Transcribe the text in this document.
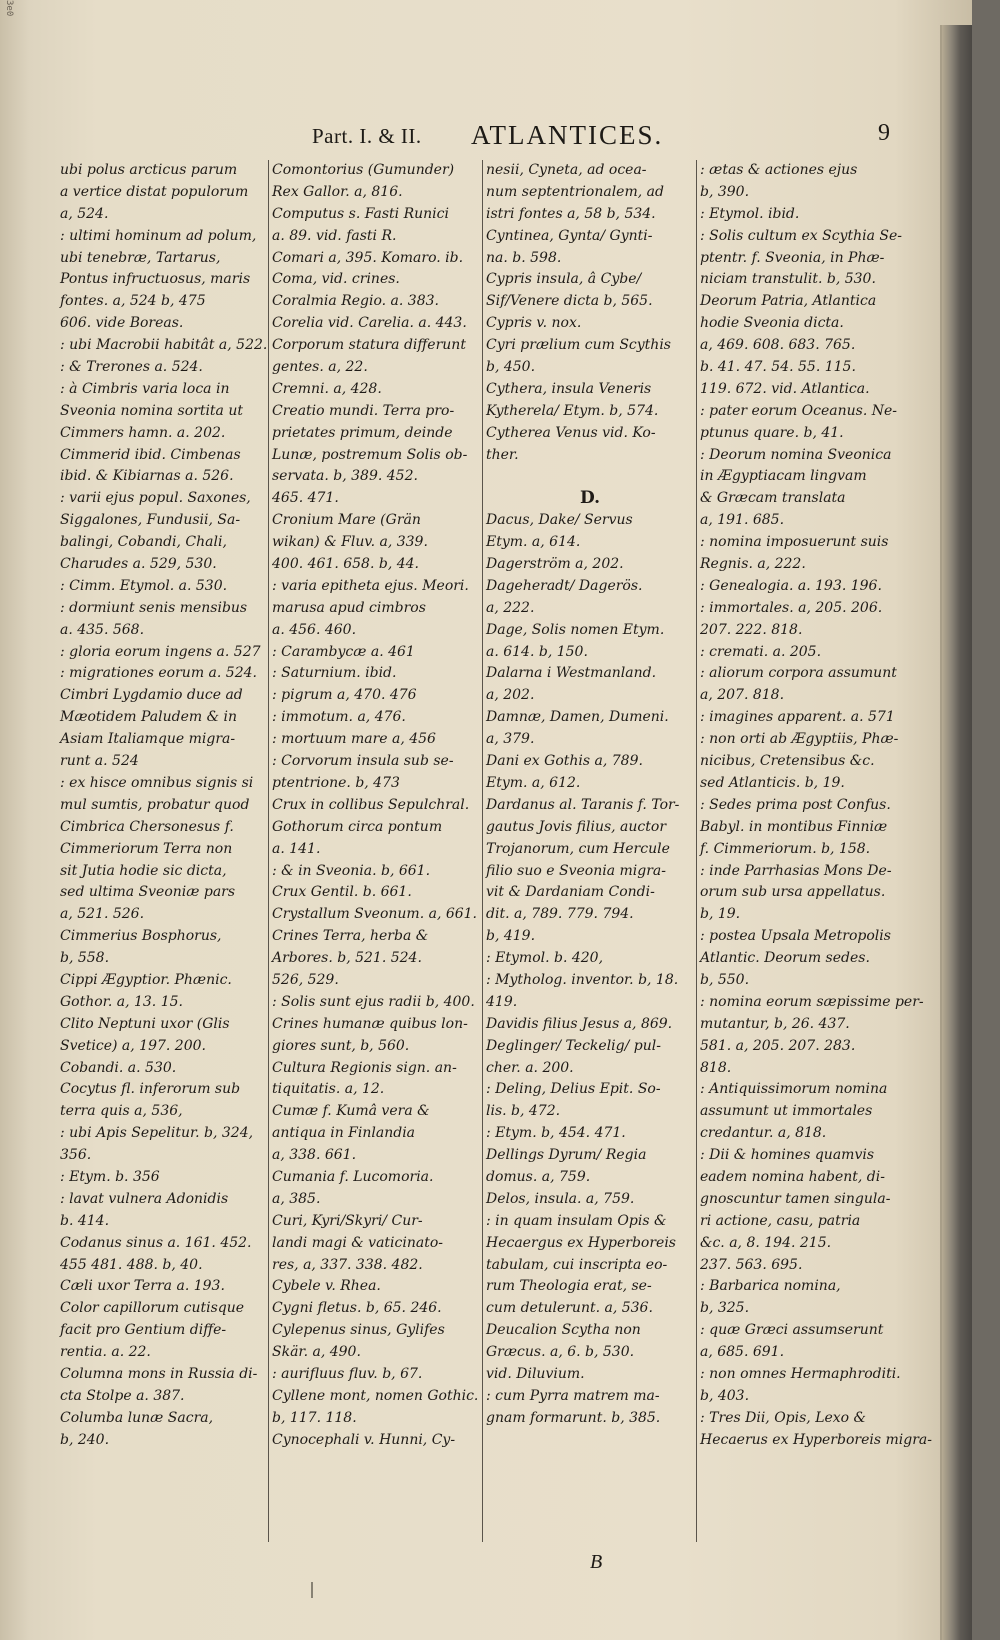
3e0
Part. I. & II. ATLANTICES.	9
ubi polus arcticus parum
a vertice distat populorum
a, 524.
: ultimi hominum ad polum,
ubi tenebræ, Tartarus,
Pontus infructuosus, maris
fontes. a, 524 b, 475
606. vide Boreas.
: ubi Macrobii habitât a, 522.
: & Trerones a. 524.
: à Cimbris varia loca in
Sveonia nomina sortita ut
Cimmers hamn. a. 202.
Cimmerid ibid. Cimbenas
ibid. & Kibiarnas a. 526.
: varii ejus popul. Saxones,
Siggalones, Fundusii, Sa-
balingi, Cobandi, Chali,
Charudes a. 529, 530.
: Cimm. Etymol. a. 530.
: dormiunt senis mensibus
a. 435. 568.
: gloria eorum ingens a. 527
: migrationes eorum a. 524.
Cimbri Lygdamio duce ad
Mæotidem Paludem & in
Asiam Italiamque migra-
runt a. 524
: ex hisce omnibus signis si
mul sumtis, probatur quod
Cimbrica Chersonesus f.
Cimmeriorum Terra non
sit Jutia hodie sic dicta,
sed ultima Sveoniæ pars
a, 521. 526.
Cimmerius Bosphorus,
b, 558.
Cippi Ægyptior. Phænic.
Gothor. a, 13. 15.
Clito Neptuni uxor (Glis
Svetice) a, 197. 200.
Cobandi. a. 530.
Cocytus fl. inferorum sub
terra quis a, 536,
: ubi Apis Sepelitur. b, 324,
356.
: Etym. b. 356
: lavat vulnera Adonidis
b. 414.
Codanus sinus a. 161. 452.
455 481. 488. b, 40.
Cæli uxor Terra a. 193.
Color capillorum cutisque
facit pro Gentium diffe-
rentia. a. 22.
Columna mons in Russia di-
cta Stolpe a. 387.
Columba lunæ Sacra,
b, 240.
Comontorius (Gumunder)
Rex Gallor. a, 816.
Computus s. Fasti Runici
a. 89. vid. fasti R.
Comari a, 395. Komaro. ib.
Coma, vid. crines.
Coralmia Regio. a. 383.
Corelia vid. Carelia. a. 443.
Corporum statura differunt
gentes. a, 22.
Cremni. a, 428.
Creatio mundi. Terra pro-
prietates primum, deinde
Lunæ, postremum Solis ob-
servata. b, 389. 452.
465. 471.
Cronium Mare (Grän
wikan) & Fluv. a, 339.
400. 461. 658. b, 44.
: varia epitheta ejus. Meori.
marusa apud cimbros
a. 456. 460.
: Carambycæ a. 461
: Saturnium. ibid.
: pigrum a, 470. 476
: immotum. a, 476.
: mortuum mare a, 456
: Corvorum insula sub se-
ptentrione. b, 473
Crux in collibus Sepulchral.
Gothorum circa pontum
a. 141.
: & in Sveonia. b, 661.
Crux Gentil. b. 661.
Crystallum Sveonum. a, 661.
Crines Terra, herba &
Arbores. b, 521. 524.
526, 529.
: Solis sunt ejus radii b, 400.
Crines humanæ quibus lon-
giores sunt, b, 560.
Cultura Regionis sign. an-
tiquitatis. a, 12.
Cumæ f. Kumâ vera &
antiqua in Finlandia
a, 338. 661.
Cumania f. Lucomoria.
a, 385.
Curi, Kyri/Skyri/ Cur-
landi magi & vaticinato-
res, a, 337. 338. 482.
Cybele v. Rhea.
Cygni fletus. b, 65. 246.
Cylepenus sinus, Gylifes
Skär. a, 490.
: aurifluus fluv. b, 67.
Cyllene mont, nomen Gothic.
b, 117. 118.
Cynocephali v. Hunni, Cy-
nesii, Cyneta, ad ocea-
num septentrionalem, ad
istri fontes a, 58 b, 534.
Cyntinea, Gynta/ Gynti-
na. b. 598.
Cypris insula, â Cybe/
Sif/Venere dicta b, 565.
Cypris v. nox.
Cyri prælium cum Scythis
b, 450.
Cythera, insula Veneris
Kytherela/ Etym. b, 574.
Cytherea Venus vid. Ko-
ther.
D.
Dacus, Dake/ Servus
Etym. a, 614.
Dagerström a, 202.
Dageheradt/ Dagerös.
a, 222.
Dage, Solis nomen Etym.
a. 614. b, 150.
Dalarna i Westmanland.
a, 202.
Damnæ, Damen, Dumeni.
a, 379.
Dani ex Gothis a, 789.
Etym. a, 612.
Dardanus al. Taranis f. Tor-
gautus Jovis filius, auctor
Trojanorum, cum Hercule
filio suo e Sveonia migra-
vit & Dardaniam Condi-
dit. a, 789. 779. 794.
b, 419.
: Etymol. b. 420,
: Mytholog. inventor. b, 18.
419.
Davidis filius Jesus a, 869.
Deglinger/ Teckelig/ pul-
cher. a. 200.
: Deling, Delius Epit. So-
lis. b, 472.
: Etym. b, 454. 471.
Dellings Dyrum/ Regia
domus. a, 759.
Delos, insula. a, 759.
: in quam insulam Opis &
Hecaergus ex Hyperboreis
tabulam, cui inscripta eo-
rum Theologia erat, se-
cum detulerunt. a, 536.
Deucalion Scytha non
Græcus. a, 6. b, 530.
vid. Diluvium.
: cum Pyrra matrem ma-
gnam formarunt. b, 385.
: ætas & actiones ejus
b, 390.
: Etymol. ibid.
: Solis cultum ex Scythia Se-
ptentr. f. Sveonia, in Phæ-
niciam transtulit. b, 530.
Deorum Patria, Atlantica
hodie Sveonia dicta.
a, 469. 608. 683. 765.
b. 41. 47. 54. 55. 115.
119. 672. vid. Atlantica.
: pater eorum Oceanus. Ne-
ptunus quare. b, 41.
: Deorum nomina Sveonica
in Ægyptiacam lingvam
& Græcam translata
a, 191. 685.
: nomina imposuerunt suis
Regnis. a, 222.
: Genealogia. a. 193. 196.
: immortales. a, 205. 206.
207. 222. 818.
: cremati. a. 205.
: aliorum corpora assumunt
a, 207. 818.
: imagines apparent. a. 571
: non orti ab Ægyptiis, Phæ-
nicibus, Cretensibus &c.
sed Atlanticis. b, 19.
: Sedes prima post Confus.
Babyl. in montibus Finniæ
f. Cimmeriorum. b, 158.
: inde Parrhasias Mons De-
orum sub ursa appellatus.
b, 19.
: postea Upsala Metropolis
Atlantic. Deorum sedes.
b, 550.
: nomina eorum sæpissime per-
mutantur, b, 26. 437.
581. a, 205. 207. 283.
818.
: Antiquissimorum nomina
assumunt ut immortales
credantur. a, 818.
: Dii & homines quamvis
eadem nomina habent, di-
gnoscuntur tamen singula-
ri actione, casu, patria
&c. a, 8. 194. 215.
237. 563. 695.
: Barbarica nomina,
b, 325.
: quæ Græci assumserunt
a, 685. 691.
: non omnes Hermaphroditi.
b, 403.
: Tres Dii, Opis, Lexo &
Hecaerus ex Hyperboreis migra-
B
